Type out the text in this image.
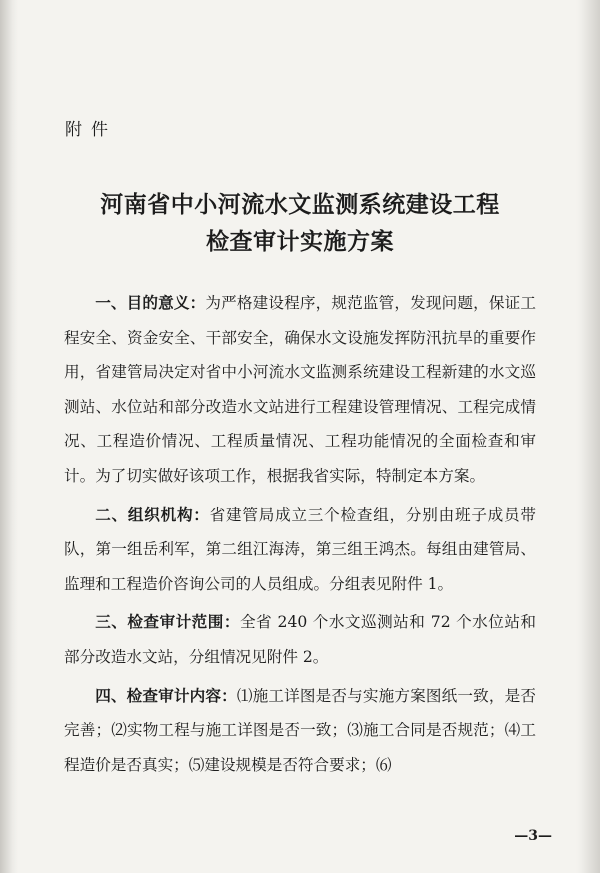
附件
河南省中小河流水文监测系统建设工程
检查审计实施方案

一、目的意义：为严格建设程序，规范监管，发现问题，保证工程安全、资金安全、干部安全，确保水文设施发挥防汛抗旱的重要作用，省建管局决定对省中小河流水文监测系统建设工程新建的水文巡测站、水位站和部分改造水文站进行工程建设管理情况、工程完成情况、工程造价情况、工程质量情况、工程功能情况的全面检查和审计。为了切实做好该项工作，根据我省实际，特制定本方案。

二、组织机构：省建管局成立三个检查组，分别由班子成员带队，第一组岳利军，第二组江海涛，第三组王鸿杰。每组由建管局、监理和工程造价咨询公司的人员组成。分组表见附件 1。

三、检查审计范围：全省 240 个水文巡测站和 72 个水位站和部分改造水文站，分组情况见附件 2。

四、检查审计内容：⑴施工详图是否与实施方案图纸一致，是否完善；⑵实物工程与施工详图是否一致；⑶施工合同是否规范；⑷工程造价是否真实；⑸建设规模是否符合要求；⑹

—3—
